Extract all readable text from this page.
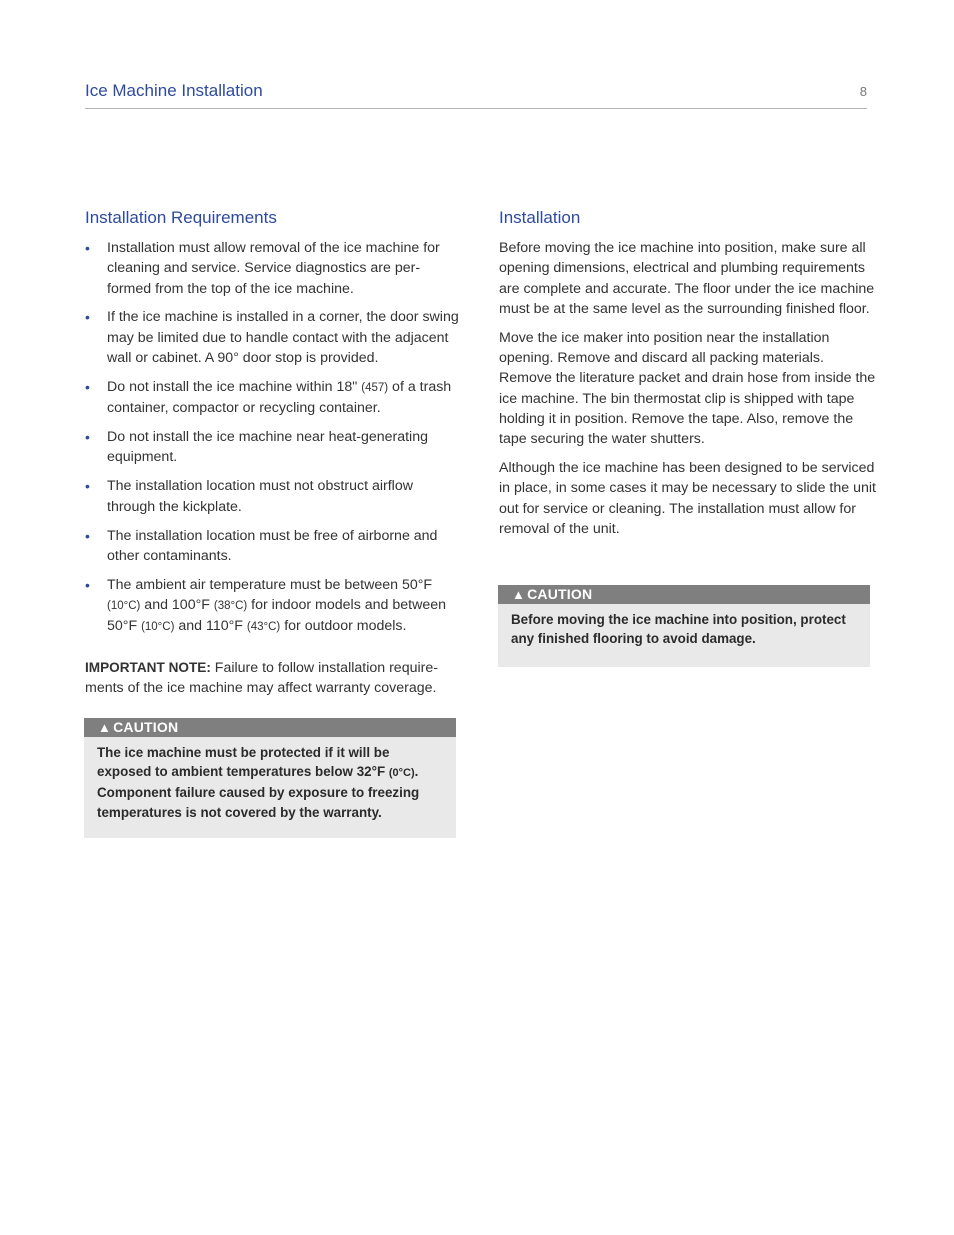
Ice Machine Installation	8
Installation Requirements
• Installation must allow removal of the ice machine for cleaning and service. Service diagnostics are per-formed from the top of the ice machine.
• If the ice machine is installed in a corner, the door swing may be limited due to handle contact with the adjacent wall or cabinet. A 90° door stop is provided.
• Do not install the ice machine within 18" (457) of a trash container, compactor or recycling container.
• Do not install the ice machine near heat-generating equipment.
• The installation location must not obstruct airflow through the kickplate.
• The installation location must be free of airborne and other contaminants.
• The ambient air temperature must be between 50°F (10°C) and 100°F (38°C) for indoor models and between 50°F (10°C) and 110°F (43°C) for outdoor models.

IMPORTANT NOTE: Failure to follow installation require-ments of the ice machine may affect warranty coverage.

▲ CAUTION
The ice machine must be protected if it will be exposed to ambient temperatures below 32°F (0°C). Component failure caused by exposure to freezing temperatures is not covered by the warranty.
Installation

Before moving the ice machine into position, make sure all opening dimensions, electrical and plumbing requirements are complete and accurate. The floor under the ice machine must be at the same level as the surrounding finished floor.

Move the ice maker into position near the installation opening. Remove and discard all packing materials. Remove the literature packet and drain hose from inside the ice machine. The bin thermostat clip is shipped with tape holding it in position. Remove the tape. Also, remove the tape securing the water shutters.

Although the ice machine has been designed to be serviced in place, in some cases it may be necessary to slide the unit out for service or cleaning. The installation must allow for removal of the unit.

▲ CAUTION
Before moving the ice machine into position, protect any finished flooring to avoid damage.
